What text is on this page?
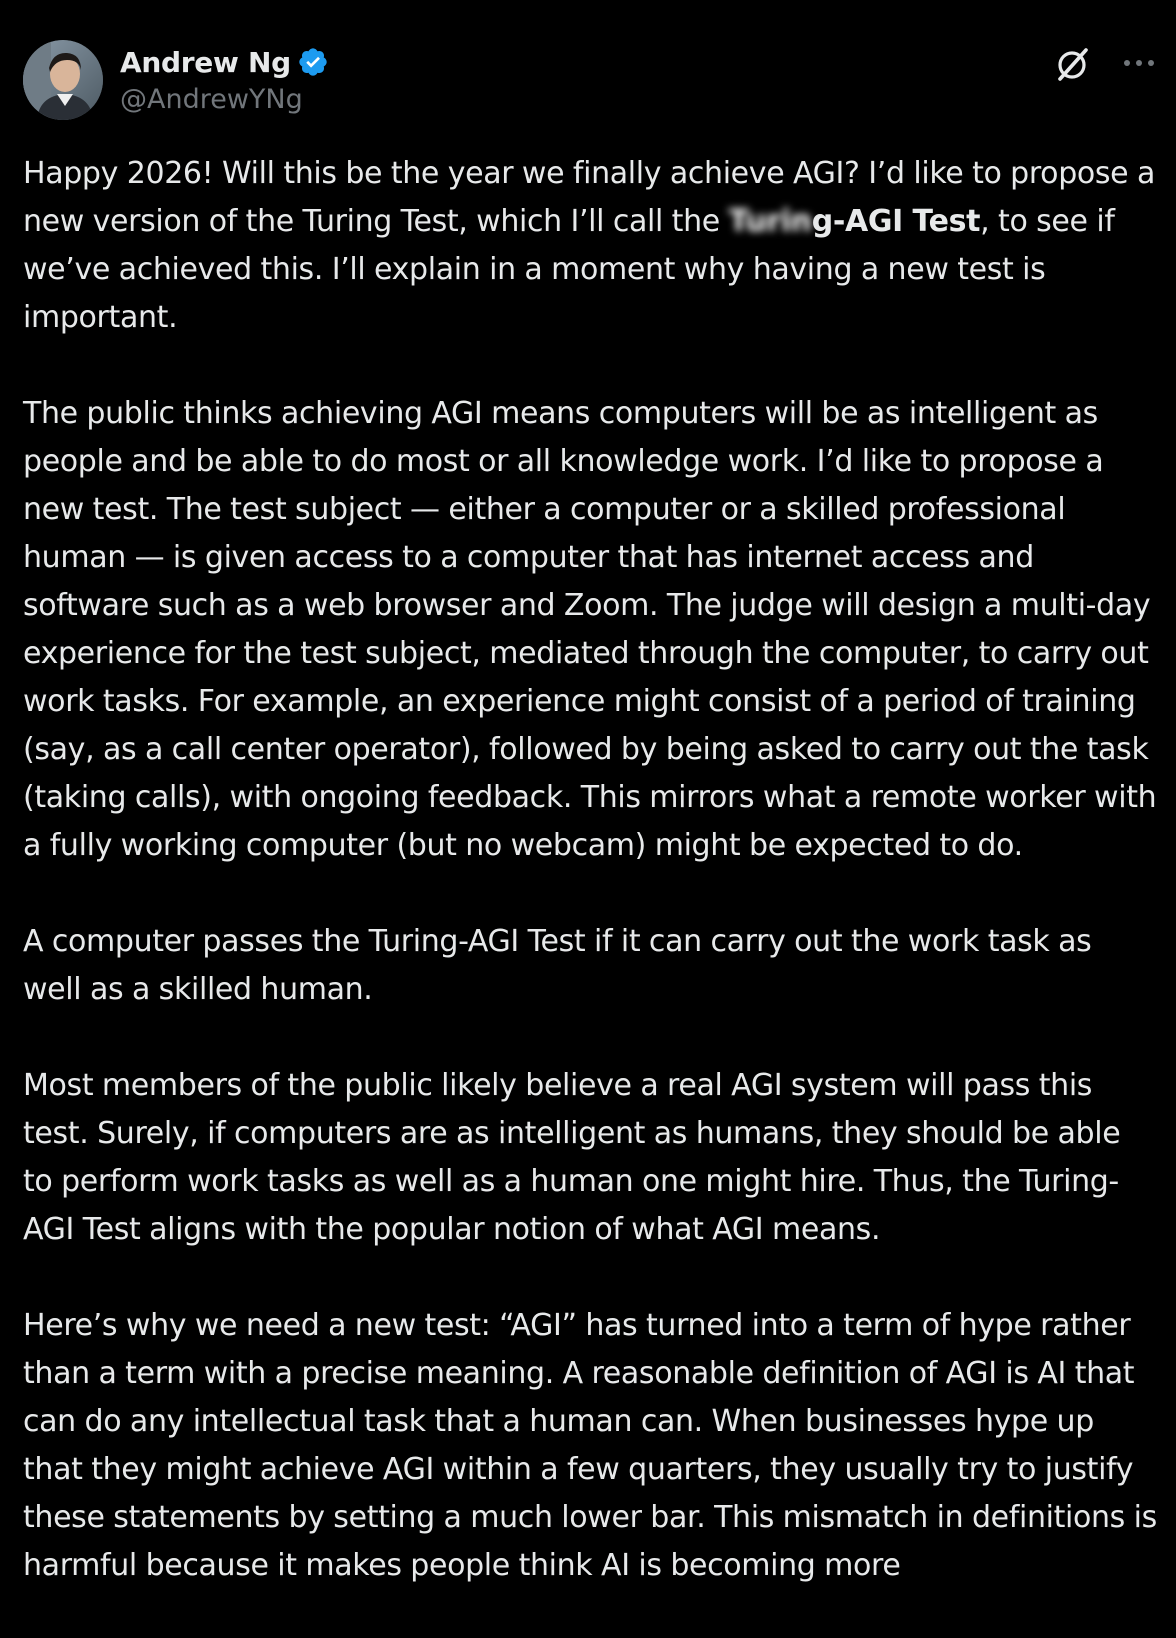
Andrew Ng
@AndrewYNg

Happy 2026! Will this be the year we finally achieve AGI? I’d like to propose a new version of the Turing Test, which I’ll call the Turing-AGI Test, to see if we’ve achieved this. I’ll explain in a moment why having a new test is important.

The public thinks achieving AGI means computers will be as intelligent as people and be able to do most or all knowledge work. I’d like to propose a new test. The test subject — either a computer or a skilled professional human — is given access to a computer that has internet access and software such as a web browser and Zoom. The judge will design a multi-day experience for the test subject, mediated through the computer, to carry out work tasks. For example, an experience might consist of a period of training (say, as a call center operator), followed by being asked to carry out the task (taking calls), with ongoing feedback. This mirrors what a remote worker with a fully working computer (but no webcam) might be expected to do.

A computer passes the Turing-AGI Test if it can carry out the work task as well as a skilled human.

Most members of the public likely believe a real AGI system will pass this test. Surely, if computers are as intelligent as humans, they should be able to perform work tasks as well as a human one might hire. Thus, the Turing-AGI Test aligns with the popular notion of what AGI means.

Here’s why we need a new test: “AGI” has turned into a term of hype rather than a term with a precise meaning. A reasonable definition of AGI is AI that can do any intellectual task that a human can. When businesses hype up that they might achieve AGI within a few quarters, they usually try to justify these statements by setting a much lower bar. This mismatch in definitions is harmful because it makes people think AI is becoming more
